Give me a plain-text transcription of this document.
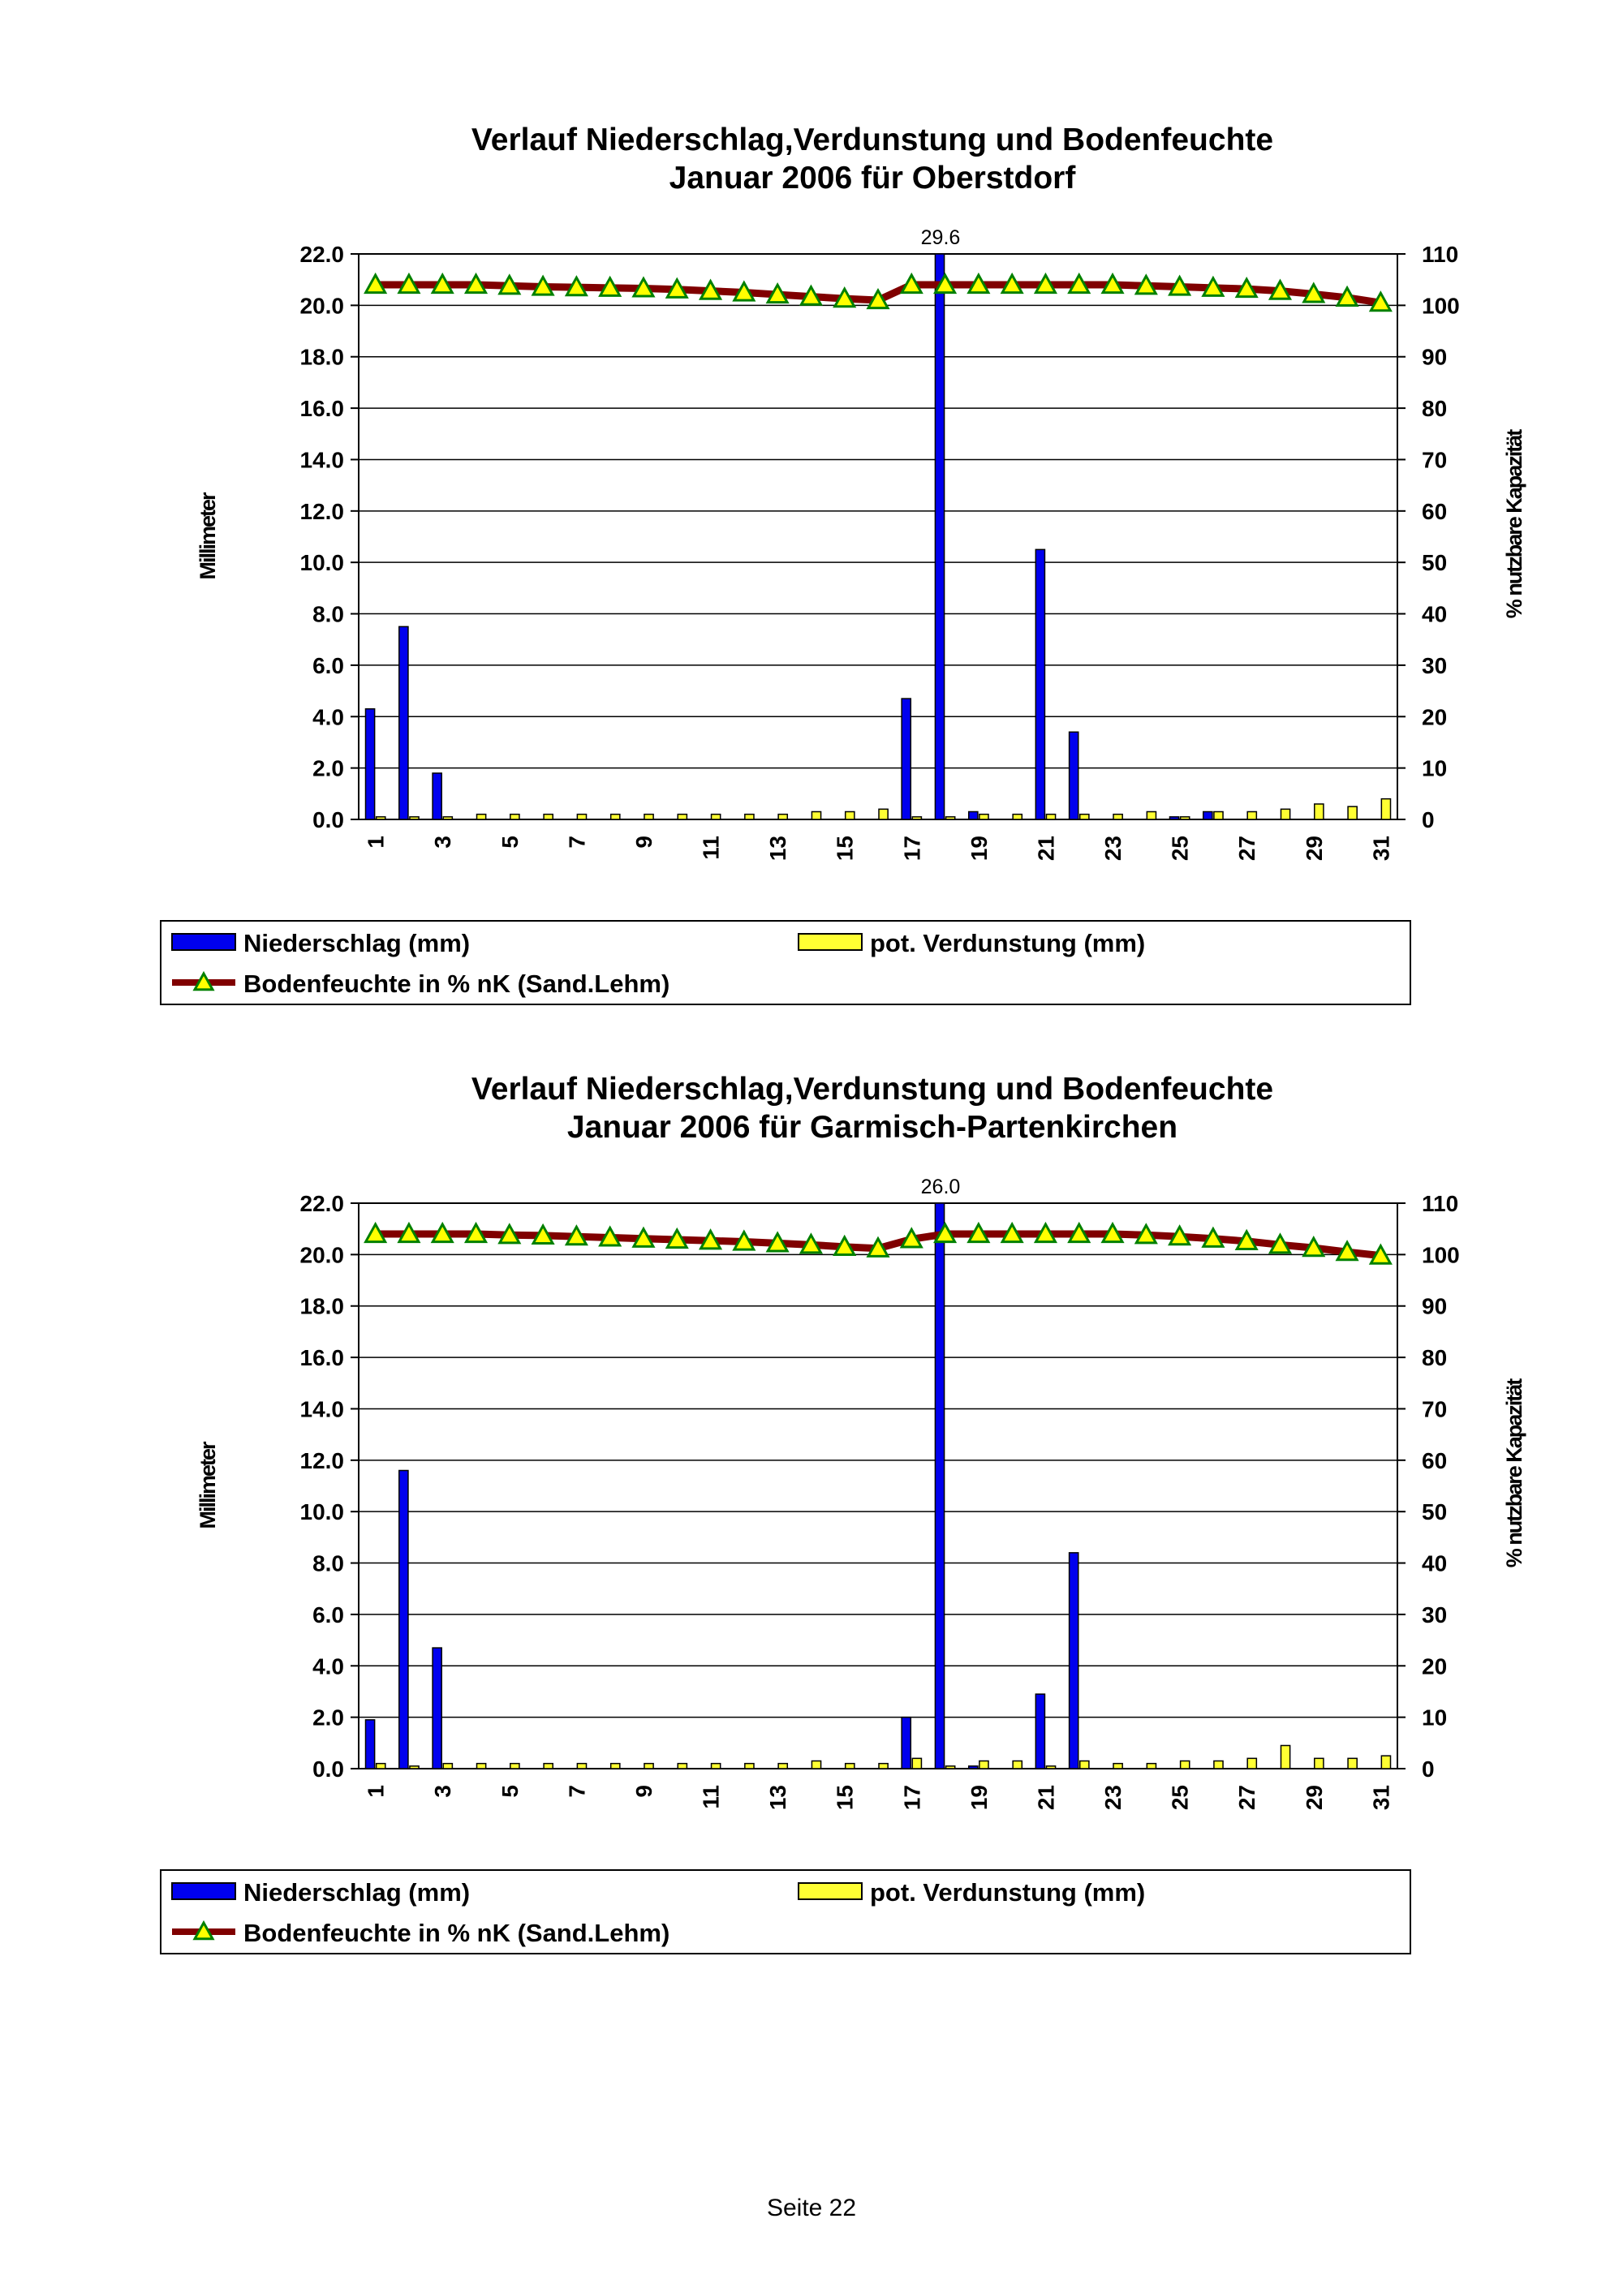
Verlauf Niederschlag,Verdunstung und Bodenfeuchte
Januar 2006 für Oberstdorf
0.0
2.0
4.0
6.0
8.0
10.0
12.0
14.0
16.0
18.0
20.0
22.0
0
10
20
30
40
50
60
70
80
90
100
110
Millimeter	% nutzbare Kapazität
29.6
1 3 5 7 9 11 13 15 17 19 21 23 25 27 29 31
Niederschlag (mm)	pot. Verdunstung (mm)
Bodenfeuchte in % nK (Sand.Lehm)
Verlauf Niederschlag,Verdunstung und Bodenfeuchte
Januar 2006 für Garmisch-Partenkirchen
0.0
2.0
4.0
6.0
8.0
10.0
12.0
14.0
16.0
18.0
20.0
22.0
0
10
20
30
40
50
60
70
80
90
100
110
Millimeter	% nutzbare Kapazität
26.0
1 3 5 7 9 11 13 15 17 19 21 23 25 27 29 31
Niederschlag (mm)	pot. Verdunstung (mm)
Bodenfeuchte in % nK (Sand.Lehm)
Seite 22
